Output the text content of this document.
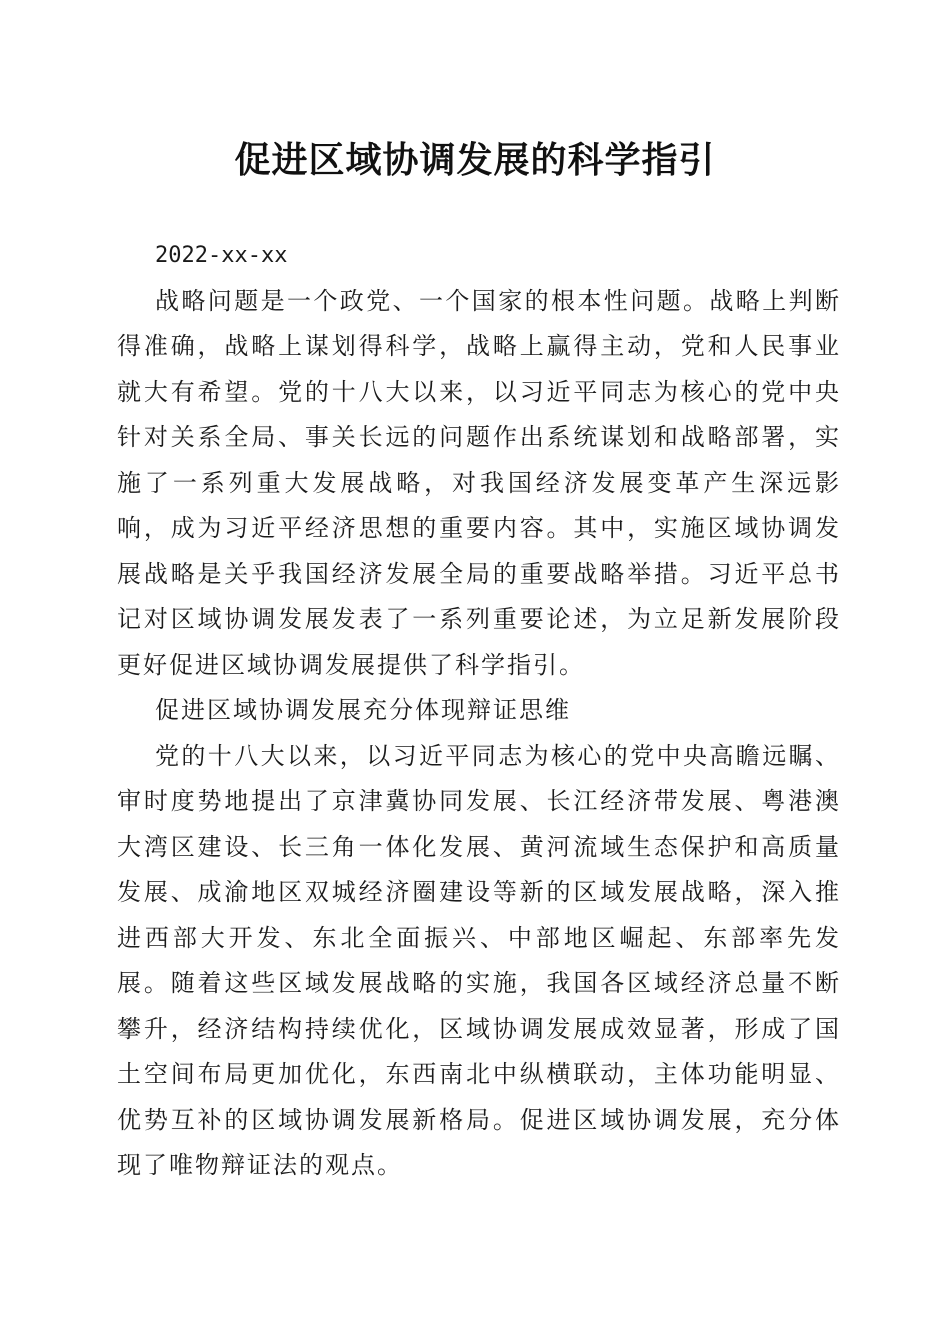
促进区域协调发展的科学指引

2022-xx-xx

战略问题是一个政党、一个国家的根本性问题。战略上判断得准确，战略上谋划得科学，战略上赢得主动，党和人民事业就大有希望。党的十八大以来，以习近平同志为核心的党中央针对关系全局、事关长远的问题作出系统谋划和战略部署，实施了一系列重大发展战略，对我国经济发展变革产生深远影响，成为习近平经济思想的重要内容。其中，实施区域协调发展战略是关乎我国经济发展全局的重要战略举措。习近平总书记对区域协调发展发表了一系列重要论述，为立足新发展阶段更好促进区域协调发展提供了科学指引。

促进区域协调发展充分体现辩证思维

党的十八大以来，以习近平同志为核心的党中央高瞻远瞩、审时度势地提出了京津冀协同发展、长江经济带发展、粤港澳大湾区建设、长三角一体化发展、黄河流域生态保护和高质量发展、成渝地区双城经济圈建设等新的区域发展战略，深入推进西部大开发、东北全面振兴、中部地区崛起、东部率先发展。随着这些区域发展战略的实施，我国各区域经济总量不断攀升，经济结构持续优化，区域协调发展成效显著，形成了国土空间布局更加优化，东西南北中纵横联动，主体功能明显、优势互补的区域协调发展新格局。促进区域协调发展，充分体现了唯物辩证法的观点。
